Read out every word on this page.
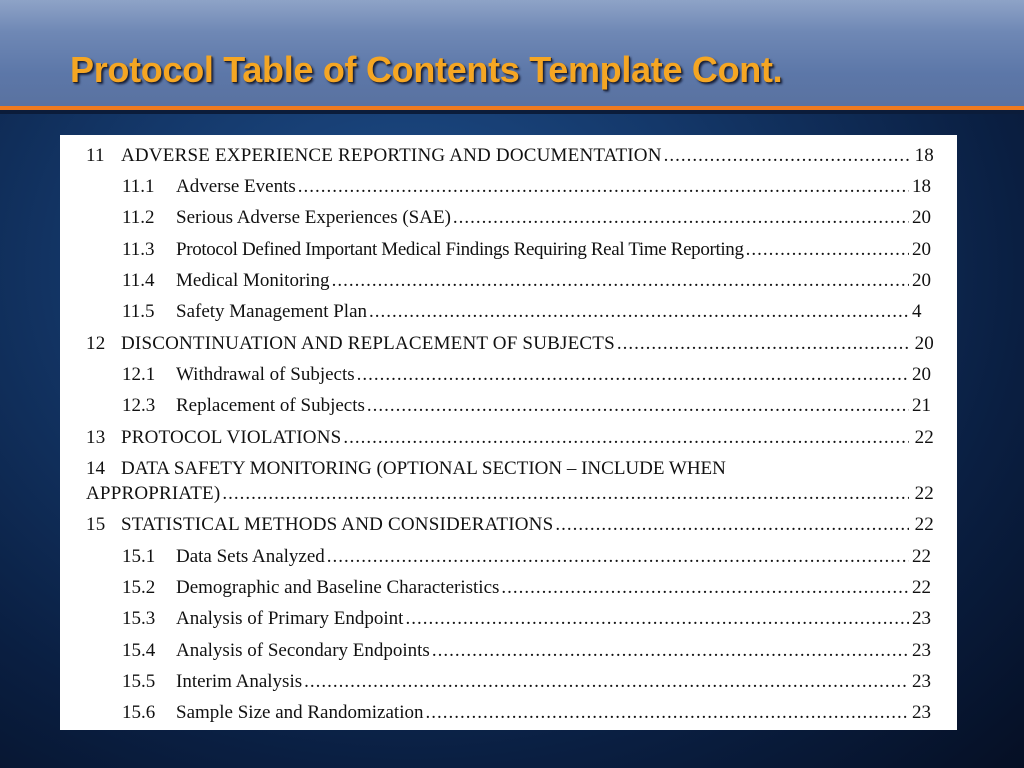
Protocol Table of Contents Template Cont.
11 ADVERSE EXPERIENCE REPORTING AND DOCUMENTATION .....	18
11.1	Adverse Events .....	18
11.2	Serious Adverse Experiences (SAE) .....	20
11.3	Protocol Defined Important Medical Findings Requiring Real Time Reporting .....	20
11.4	Medical Monitoring .....	20
11.5	Safety Management Plan .....	4
12 DISCONTINUATION AND REPLACEMENT OF SUBJECTS .....	20
12.1	Withdrawal of Subjects .....	20
12.3	Replacement of Subjects .....	21
13 PROTOCOL VIOLATIONS .....	22
14 DATA SAFETY MONITORING (OPTIONAL SECTION – INCLUDE WHEN
APPROPRIATE) .....	22
15 STATISTICAL METHODS AND CONSIDERATIONS .....	22
15.1	Data Sets Analyzed .....	22
15.2	Demographic and Baseline Characteristics .....	22
15.3	Analysis of Primary Endpoint .....	23
15.4	Analysis of Secondary Endpoints .....	23
15.5	Interim Analysis .....	23
15.6	Sample Size and Randomization .....	23
